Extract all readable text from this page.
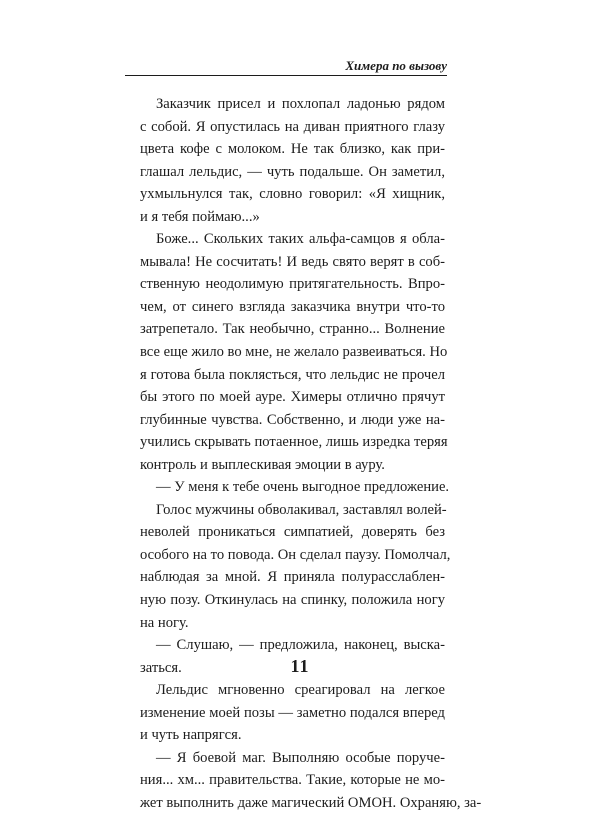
Химера по вызову
Заказчик присел и похлопал ладонью рядом
с собой. Я опустилась на диван приятного глазу
цвета кофе с молоком. Не так близко, как при-
глашал лельдис, — чуть подальше. Он заметил,
ухмыльнулся так, словно говорил: «Я хищник,
и я тебя поймаю...»
Боже... Скольких таких альфа-самцов я обла-
мывала! Не сосчитать! И ведь свято верят в соб-
ственную неодолимую притягательность. Впро-
чем, от синего взгляда заказчика внутри что-то
затрепетало. Так необычно, странно... Волнение
все еще жило во мне, не желало развеиваться. Но
я готова была поклясться, что лельдис не прочел
бы этого по моей ауре. Химеры отлично прячут
глубинные чувства. Собственно, и люди уже на-
учились скрывать потаенное, лишь изредка теряя
контроль и выплескивая эмоции в ауру.
— У меня к тебе очень выгодное предложение.
Голос мужчины обволакивал, заставлял волей-
неволей проникаться симпатией, доверять без
особого на то повода. Он сделал паузу. Помолчал,
наблюдая за мной. Я приняла полурасслаблен-
ную позу. Откинулась на спинку, положила ногу
на ногу.
— Слушаю, — предложила, наконец, выска-
заться.
Лельдис мгновенно среагировал на легкое
изменение моей позы — заметно подался вперед
и чуть напрягся.
— Я боевой маг. Выполняю особые поруче-
ния... хм... правительства. Такие, которые не мо-
жет выполнить даже магический ОМОН. Охраняю, за-
11
